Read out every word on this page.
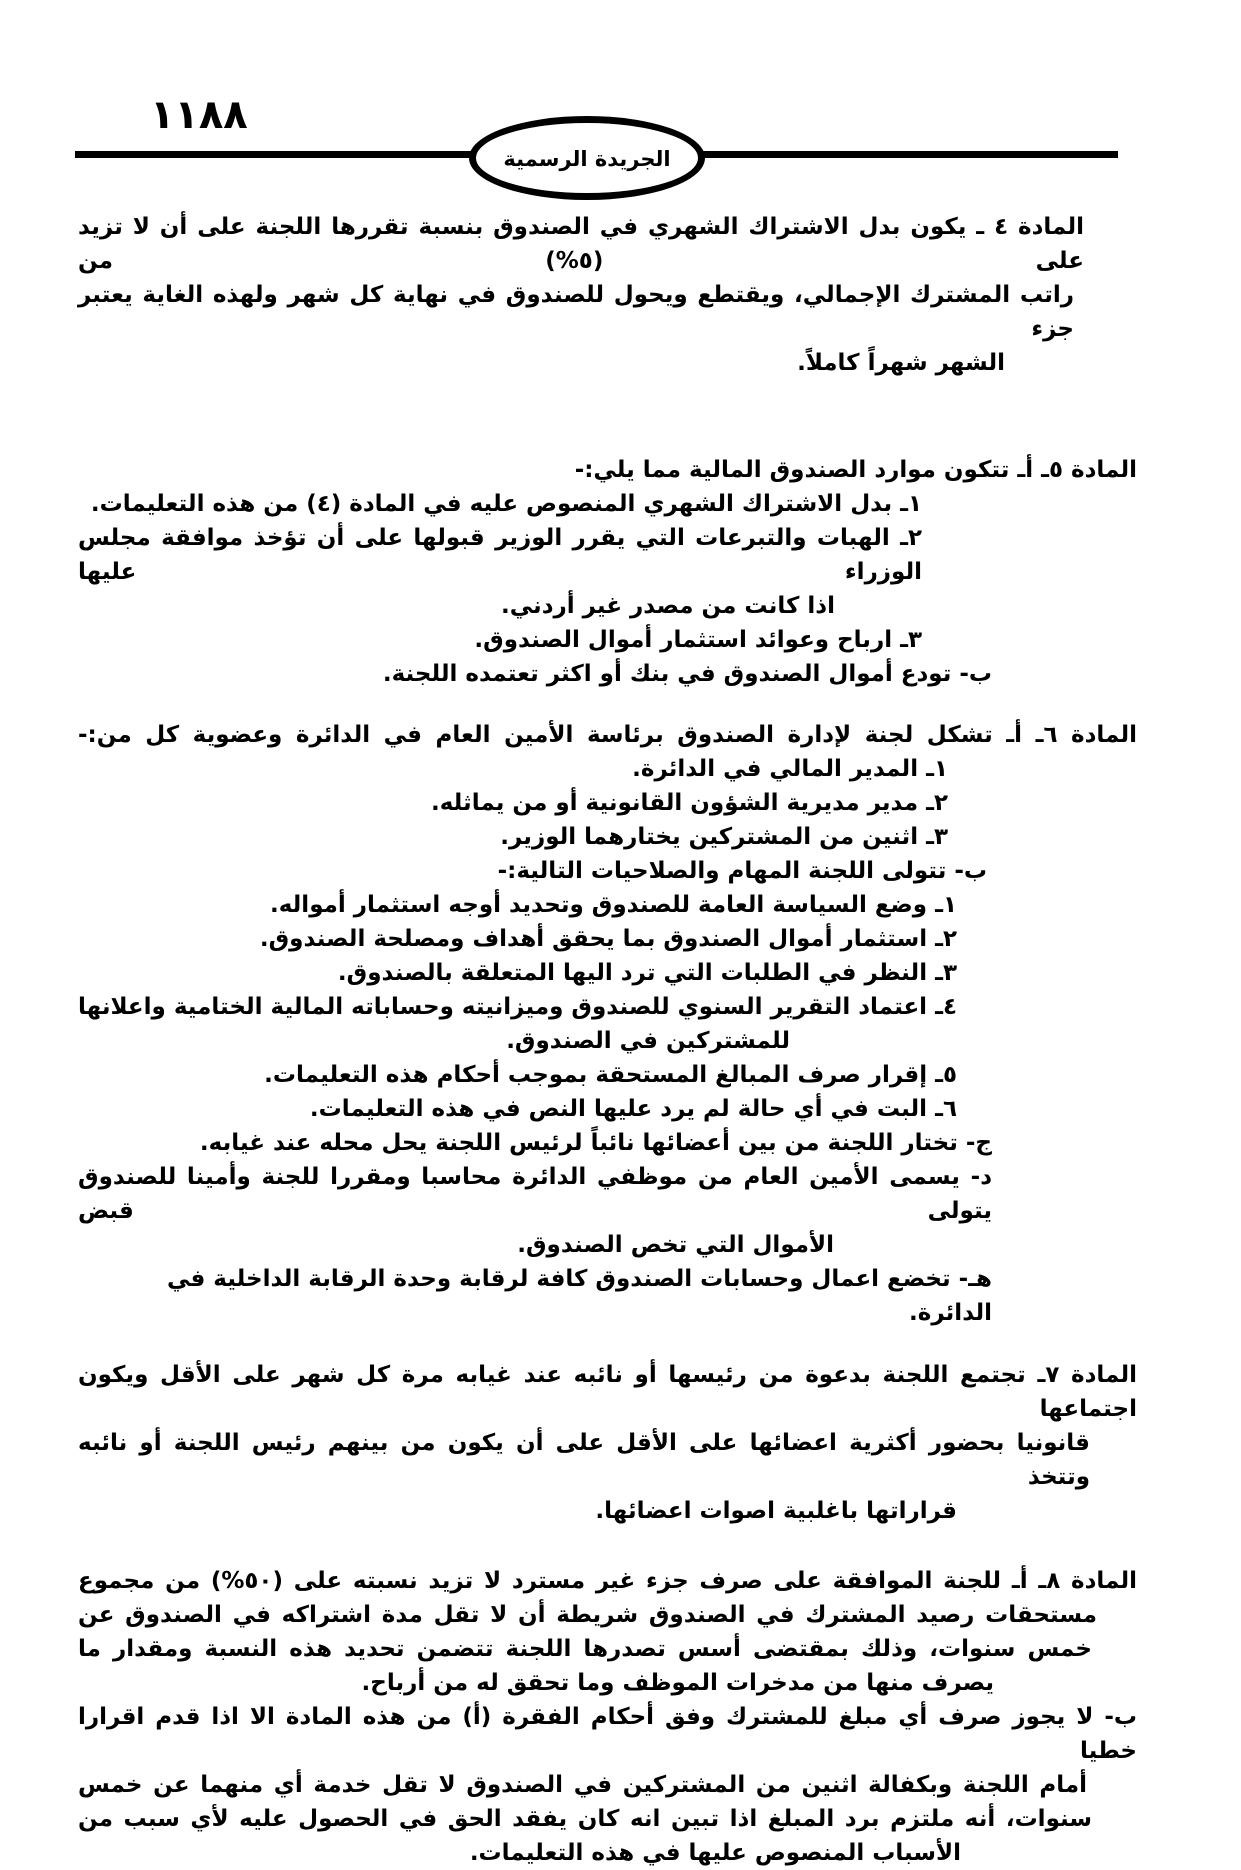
١١٨٨
الجريدة الرسمية
المادة ٤ ـ يكون بدل الاشتراك الشهري في الصندوق بنسبة تقررها اللجنة على أن لا تزيد على (٥%) من
راتب المشترك الإجمالي، ويقتطع ويحول للصندوق في نهاية كل شهر ولهذه الغاية يعتبر جزء
الشهر شهراً كاملاً.
المادة ٥ـ أـ تتكون موارد الصندوق المالية مما يلي:-
١ـ بدل الاشتراك الشهري المنصوص عليه في المادة (٤) من هذه التعليمات.
٢ـ الهبات والتبرعات التي يقرر الوزير قبولها على أن تؤخذ موافقة مجلس الوزراء عليها
اذا كانت من مصدر غير أردني.
٣ـ ارباح وعوائد استثمار أموال الصندوق.
ب- تودع أموال الصندوق في بنك أو اكثر تعتمده اللجنة.
المادة ٦ـ أـ تشكل لجنة لإدارة الصندوق برئاسة الأمين العام في الدائرة وعضوية كل من:-
١ـ المدير المالي في الدائرة.
٢ـ مدير مديرية الشؤون القانونية أو من يماثله.
٣ـ اثنين من المشتركين يختارهما الوزير.
ب- تتولى اللجنة المهام والصلاحيات التالية:-
١ـ وضع السياسة العامة للصندوق وتحديد أوجه استثمار أمواله.
٢ـ استثمار أموال الصندوق بما يحقق أهداف ومصلحة الصندوق.
٣ـ النظر في الطلبات التي ترد اليها المتعلقة بالصندوق.
٤ـ اعتماد التقرير السنوي للصندوق وميزانيته وحساباته المالية الختامية واعلانها
للمشتركين في الصندوق.
٥ـ إقرار صرف المبالغ المستحقة بموجب أحكام هذه التعليمات.
٦ـ البت في أي حالة لم يرد عليها النص في هذه التعليمات.
ج- تختار اللجنة من بين أعضائها نائباً لرئيس اللجنة يحل محله عند غيابه.
د- يسمى الأمين العام من موظفي الدائرة محاسبا ومقررا للجنة وأمينا للصندوق يتولى قبض
الأموال التي تخص الصندوق.
هـ- تخضع اعمال وحسابات الصندوق كافة لرقابة وحدة الرقابة الداخلية في الدائرة.
المادة ٧ـ تجتمع اللجنة بدعوة من رئيسها أو نائبه عند غيابه مرة كل شهر على الأقل ويكون اجتماعها
قانونيا بحضور أكثرية اعضائها على الأقل على أن يكون من بينهم رئيس اللجنة أو نائبه وتتخذ
قراراتها باغلبية اصوات اعضائها.
المادة ٨ـ أـ للجنة الموافقة على صرف جزء غير مسترد لا تزيد نسبته على (٥٠%) من مجموع
مستحقات رصيد المشترك في الصندوق شريطة أن لا تقل مدة اشتراكه في الصندوق عن
خمس سنوات، وذلك بمقتضى أسس تصدرها اللجنة تتضمن تحديد هذه النسبة ومقدار ما
يصرف منها من مدخرات الموظف وما تحقق له من أرباح.
ب- لا يجوز صرف أي مبلغ للمشترك وفق أحكام الفقرة (أ) من هذه المادة الا اذا قدم اقرارا خطيا
أمام اللجنة وبكفالة اثنين من المشتركين في الصندوق لا تقل خدمة أي منهما عن خمس
سنوات، أنه ملتزم برد المبلغ اذا تبين انه كان يفقد الحق في الحصول عليه لأي سبب من
الأسباب المنصوص عليها في هذه التعليمات.
